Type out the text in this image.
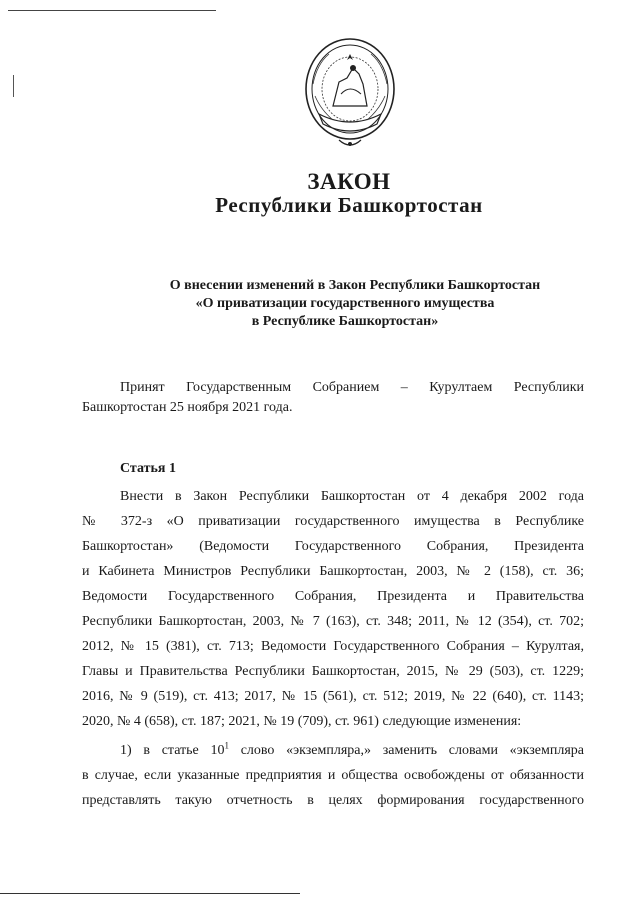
ЗАКОН
Республики Башкортостан
О внесении изменений в Закон Республики Башкортостан
«О приватизации государственного имущества
в Республике Башкортостан»
Принят Государственным Собранием – Курултаем Республики
Башкортостан 25 ноября 2021 года.
Статья 1
Внести в Закон Республики Башкортостан от 4 декабря 2002 года
№ 372-з «О приватизации государственного имущества в Республике
Башкортостан» (Ведомости Государственного Собрания, Президента
и Кабинета Министров Республики Башкортостан, 2003, № 2 (158), ст. 36;
Ведомости Государственного Собрания, Президента и Правительства
Республики Башкортостан, 2003, № 7 (163), ст. 348; 2011, № 12 (354), ст. 702;
2012, № 15 (381), ст. 713; Ведомости Государственного Собрания – Курултая,
Главы и Правительства Республики Башкортостан, 2015, № 29 (503), ст. 1229;
2016, № 9 (519), ст. 413; 2017, № 15 (561), ст. 512; 2019, № 22 (640), ст. 1143;
2020, № 4 (658), ст. 187; 2021, № 19 (709), ст. 961) следующие изменения:
1) в статье $10^1$ слово «экземпляра,» заменить словами «экземпляра
в случае, если указанные предприятия и общества освобождены от обязанности
представлять такую отчетность в целях формирования государственного
